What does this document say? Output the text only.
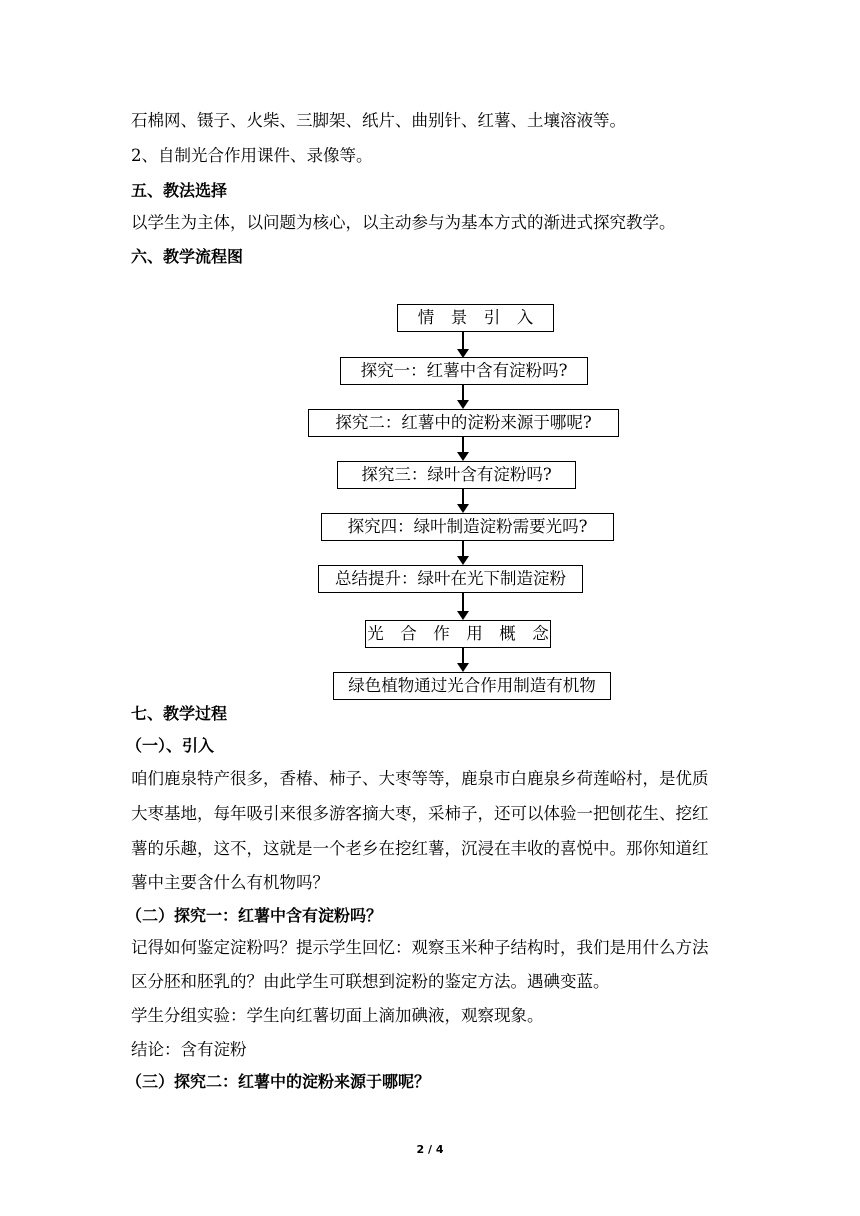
石棉网、镊子、火柴、三脚架、纸片、曲别针、红薯、土壤溶液等。
2、自制光合作用课件、录像等。
五、教法选择
以学生为主体，以问题为核心，以主动参与为基本方式的渐进式探究教学。
六、教学流程图
情　景　引　入
探究一：红薯中含有淀粉吗?
探究二：红薯中的淀粉来源于哪呢?
探究三：绿叶含有淀粉吗?
探究四：绿叶制造淀粉需要光吗?
总结提升：绿叶在光下制造淀粉
光　合　作　用　概　念
绿色植物通过光合作用制造有机物
七、教学过程
（一）、引入
咱们鹿泉特产很多，香椿、柿子、大枣等等，鹿泉市白鹿泉乡荷莲峪村，是优质
大枣基地，每年吸引来很多游客摘大枣，采柿子，还可以体验一把刨花生、挖红
薯的乐趣，这不，这就是一个老乡在挖红薯，沉浸在丰收的喜悦中。那你知道红
薯中主要含什么有机物吗？
（二）探究一：红薯中含有淀粉吗？
记得如何鉴定淀粉吗？提示学生回忆：观察玉米种子结构时，我们是用什么方法
区分胚和胚乳的？由此学生可联想到淀粉的鉴定方法。遇碘变蓝。
学生分组实验：学生向红薯切面上滴加碘液，观察现象。
结论：含有淀粉
（三）探究二：红薯中的淀粉来源于哪呢？
2 / 4
